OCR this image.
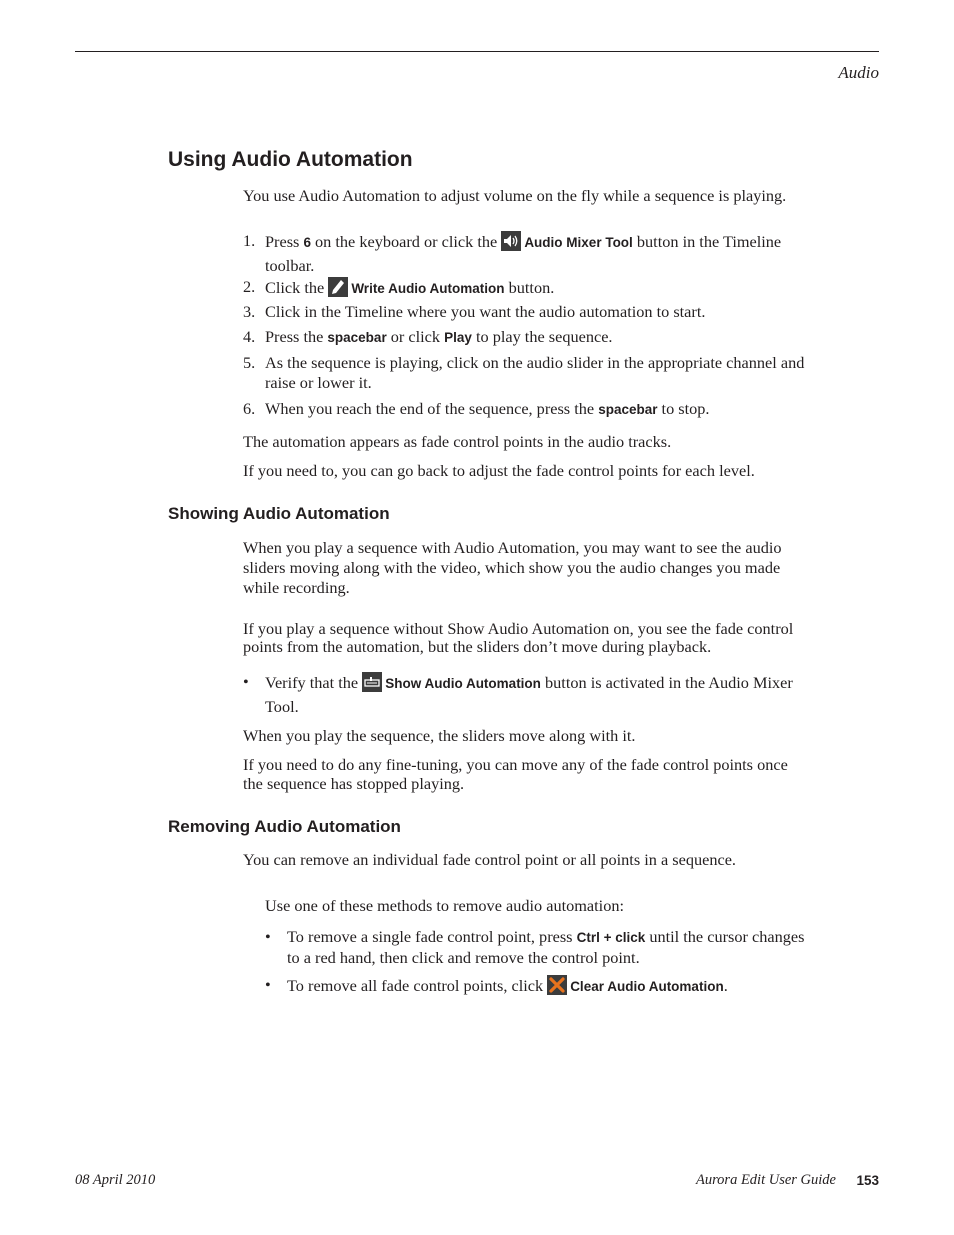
Audio
Using Audio Automation
You use Audio Automation to adjust volume on the fly while a sequence is playing.
1. Press 6 on the keyboard or click the Audio Mixer Tool button in the Timeline
toolbar.
2. Click the Write Audio Automation button.
3. Click in the Timeline where you want the audio automation to start.
4. Press the spacebar or click Play to play the sequence.
5. As the sequence is playing, click on the audio slider in the appropriate channel and
raise or lower it.
6. When you reach the end of the sequence, press the spacebar to stop.
The automation appears as fade control points in the audio tracks.
If you need to, you can go back to adjust the fade control points for each level.
Showing Audio Automation
When you play a sequence with Audio Automation, you may want to see the audio
sliders moving along with the video, which show you the audio changes you made
while recording.
If you play a sequence without Show Audio Automation on, you see the fade control
points from the automation, but the sliders don’t move during playback.
• Verify that the Show Audio Automation button is activated in the Audio Mixer
Tool.
When you play the sequence, the sliders move along with it.
If you need to do any fine-tuning, you can move any of the fade control points once
the sequence has stopped playing.
Removing Audio Automation
You can remove an individual fade control point or all points in a sequence.
Use one of these methods to remove audio automation:
• To remove a single fade control point, press Ctrl + click until the cursor changes
to a red hand, then click and remove the control point.
• To remove all fade control points, click Clear Audio Automation.
08 April 2010	Aurora Edit User Guide 153
